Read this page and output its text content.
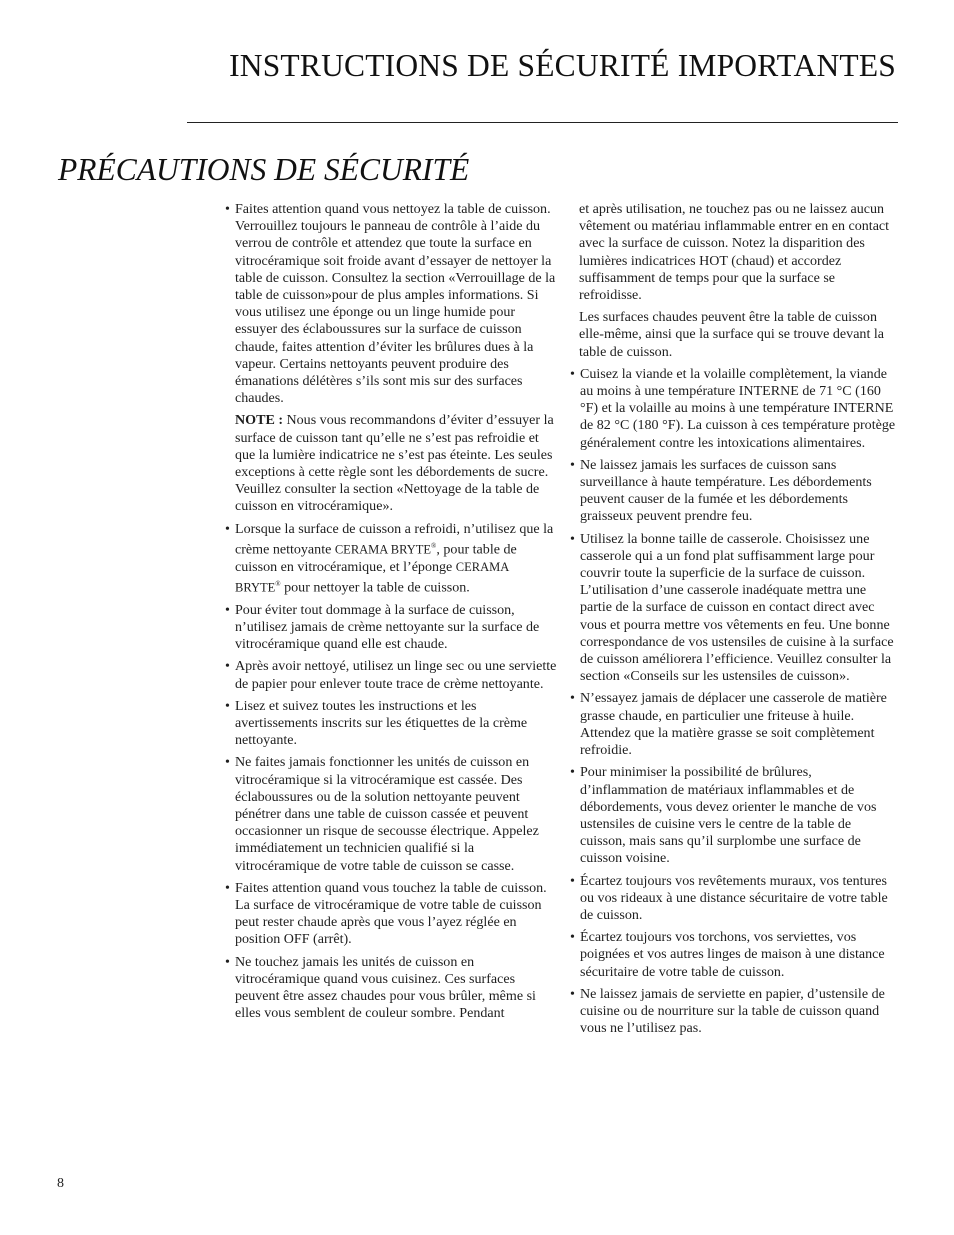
INSTRUCTIONS DE SÉCURITÉ IMPORTANTES
PRÉCAUTIONS DE SÉCURITÉ
• Faites attention quand vous nettoyez la table de cuisson. Verrouillez toujours le panneau de contrôle à l’aide du verrou de contrôle et attendez que toute la surface en vitrocéramique soit froide avant d’essayer de nettoyer la table de cuisson. Consultez la section «Verrouillage de la table de cuisson»pour de plus amples informations. Si vous utilisez une éponge ou un linge humide pour essuyer des éclaboussures sur la surface de cuisson chaude, faites attention d’éviter les brûlures dues à la vapeur. Certains nettoyants peuvent produire des émanations délétères s’ils sont mis sur des surfaces chaudes.

NOTE : Nous vous recommandons d’éviter d’essuyer la surface de cuisson tant qu’elle ne s’est pas refroidie et que la lumière indicatrice ne s’est pas éteinte. Les seules exceptions à cette règle sont les débordements de sucre. Veuillez consulter la section «Nettoyage de la table de cuisson en vitrocéramique».

• Lorsque la surface de cuisson a refroidi, n’utilisez que la crème nettoyante CERAMA BRYTE®, pour table de cuisson en vitrocéramique, et l’éponge CERAMA BRYTE® pour nettoyer la table de cuisson.
• Pour éviter tout dommage à la surface de cuisson, n’utilisez jamais de crème nettoyante sur la surface de vitrocéramique quand elle est chaude.
• Après avoir nettoyé, utilisez un linge sec ou une serviette de papier pour enlever toute trace de crème nettoyante.
• Lisez et suivez toutes les instructions et les avertissements inscrits sur les étiquettes de la crème nettoyante.
• Ne faites jamais fonctionner les unités de cuisson en vitrocéramique si la vitrocéramique est cassée. Des éclaboussures ou de la solution nettoyante peuvent pénétrer dans une table de cuisson cassée et peuvent occasionner un risque de secousse électrique. Appelez immédiatement un technicien qualifié si la vitrocéramique de votre table de cuisson se casse.
• Faites attention quand vous touchez la table de cuisson. La surface de vitrocéramique de votre table de cuisson peut rester chaude après que vous l’ayez réglée en position OFF (arrêt).
• Ne touchez jamais les unités de cuisson en vitrocéramique quand vous cuisinez. Ces surfaces peuvent être assez chaudes pour vous brûler, même si elles vous semblent de couleur sombre. Pendant

et après utilisation, ne touchez pas ou ne laissez aucun vêtement ou matériau inflammable entrer en en contact avec la surface de cuisson. Notez la disparition des lumières indicatrices HOT (chaud) et accordez suffisamment de temps pour que la surface se refroidisse.

Les surfaces chaudes peuvent être la table de cuisson elle-même, ainsi que la surface qui se trouve devant la table de cuisson.

• Cuisez la viande et la volaille complètement, la viande au moins à une température INTERNE de 71 °C (160 °F) et la volaille au moins à une température INTERNE de 82 °C (180 °F). La cuisson à ces température protège généralement contre les intoxications alimentaires.
• Ne laissez jamais les surfaces de cuisson sans surveillance à haute température. Les débordements peuvent causer de la fumée et les débordements graisseux peuvent prendre feu.
• Utilisez la bonne taille de casserole. Choisissez une casserole qui a un fond plat suffisamment large pour couvrir toute la superficie de la surface de cuisson. L’utilisation d’une casserole inadéquate mettra une partie de la surface de cuisson en contact direct avec vous et pourra mettre vos vêtements en feu. Une bonne correspondance de vos ustensiles de cuisine à la surface de cuisson améliorera l’efficience. Veuillez consulter la section «Conseils sur les ustensiles de cuisson».
• N’essayez jamais de déplacer une casserole de matière grasse chaude, en particulier une friteuse à huile. Attendez que la matière grasse se soit complètement refroidie.
• Pour minimiser la possibilité de brûlures, d’inflammation de matériaux inflammables et de débordements, vous devez orienter le manche de vos ustensiles de cuisine vers le centre de la table de cuisson, mais sans qu’il surplombe une surface de cuisson voisine.
• Écartez toujours vos revêtements muraux, vos tentures ou vos rideaux à une distance sécuritaire de votre table de cuisson.
• Écartez toujours vos torchons, vos serviettes, vos poignées et vos autres linges de maison à une distance sécuritaire de votre table de cuisson.
• Ne laissez jamais de serviette en papier, d’ustensile de cuisine ou de nourriture sur la table de cuisson quand vous ne l’utilisez pas.
8
